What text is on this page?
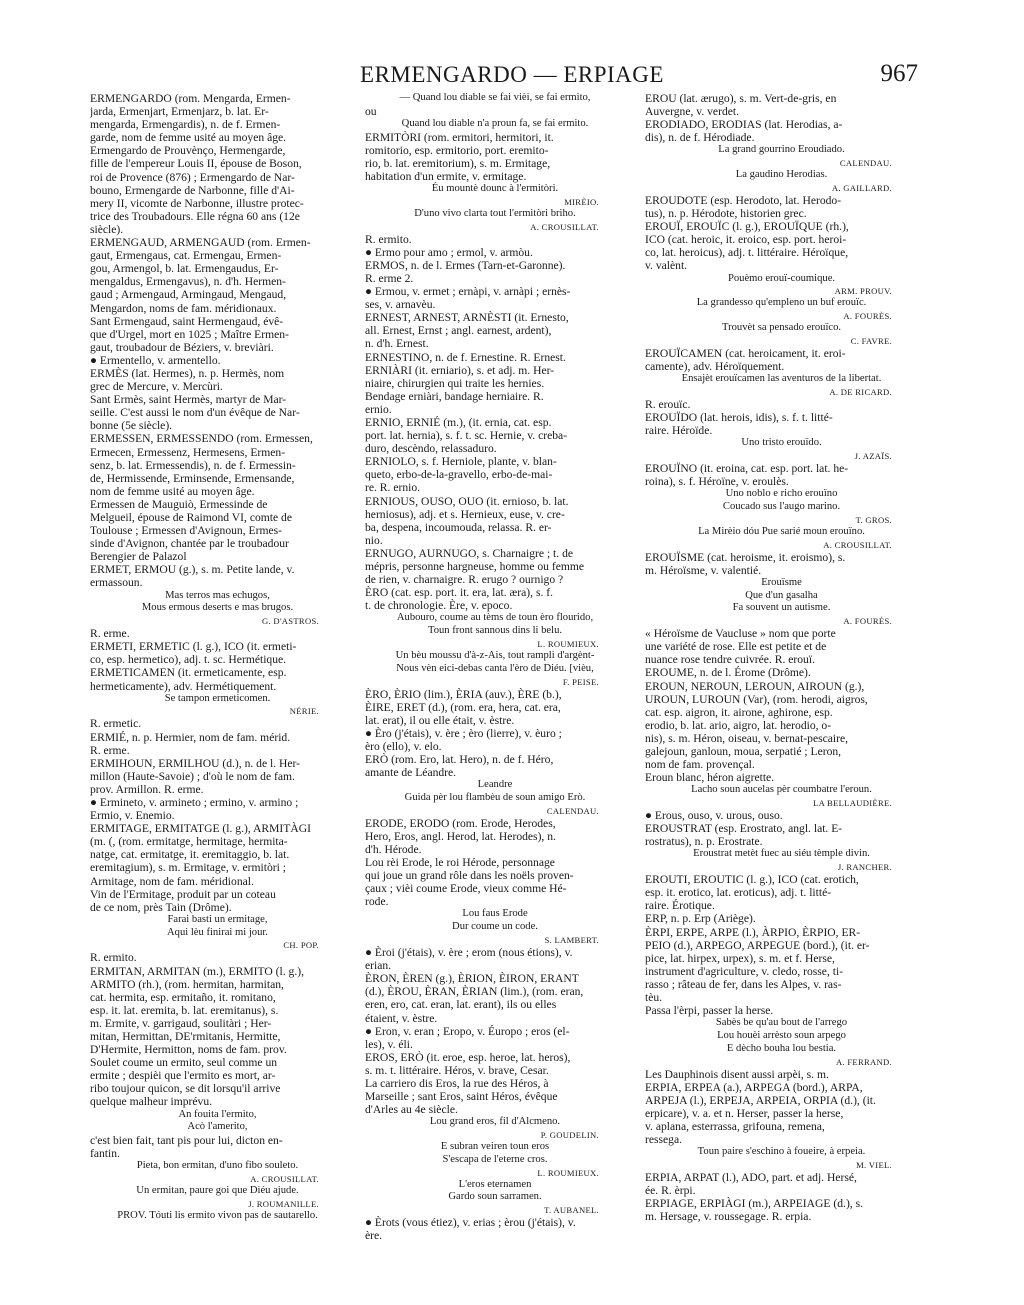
ERMENGARDO — ERPIAGE	967
ERMENGARDO (rom. Mengarda, Ermen-
jarda, Ermenjart, Ermenjarz, b. lat. Er-
mengarda, Ermengardis), n. de f. Ermen-
garde, nom de femme usité au moyen âge.
Ermengardo de Prouvènço, Hermengarde,
fille de l'empereur Louis II, épouse de Boson,
roi de Provence (876) ; Ermengardo de Nar-
bouno, Ermengarde de Narbonne, fille d'Ai-
mery II, vicomte de Narbonne, illustre protec-
trice des Troubadours. Elle régna 60 ans (12e
siècle).
ERMENGAUD, ARMENGAUD (rom. Ermen-
gaut, Ermengaus, cat. Ermengau, Ermen-
gou, Armengol, b. lat. Ermengaudus, Er-
mengaldus, Ermengavus), n. d'h. Hermen-
gaud ; Armengaud, Armingaud, Mengaud,
Mengardon, noms de fam. méridionaux.
Sant Ermengaud, saint Hermengaud, évê-
que d'Urgel, mort en 1025 ; Maître Ermen-
gaut, troubadour de Béziers, v. breviàri.
● Ermentello, v. armentello.
ERMÈS (lat. Hermes), n. p. Hermès, nom
grec de Mercure, v. Mercùri.
Sant Ermès, saint Hermès, martyr de Mar-
seille. C'est aussi le nom d'un évêque de Nar-
bonne (5e siècle).
ERMESSEN, ERMESSENDO (rom. Ermessen,
Ermecen, Ermessenz, Hermesens, Ermen-
senz, b. lat. Ermessendis), n. de f. Ermessin-
de, Hermissende, Erminsende, Ermensande,
nom de femme usité au moyen âge.
Ermessen de Mauguiò, Ermessinde de
Melgueil, épouse de Raimond VI, comte de
Toulouse ; Ermessen d'Avignoun, Ermes-
sinde d'Avignon, chantée par le troubadour
Berengier de Palazol
ERMET, ERMOU (g.), s. m. Petite lande, v.
ermassoun.
Mas terros mas echugos,
Mous ermous deserts e mas brugos.
G. D'ASTROS.
R. erme.
ERMETI, ERMETIC (l. g.), ICO (it. ermeti-
co, esp. hermetico), adj. t. sc. Hermétique.
ERMETICAMEN (it. ermeticamente, esp.
hermeticamente), adv. Hermétiquement.
Se tampon ermeticomen.
NÉRIE.
R. ermetic.
ERMIÉ, n. p. Hermier, nom de fam. mérid.
R. erme.
ERMIHOUN, ERMILHOU (d.), n. de l. Her-
millon (Haute-Savoie) ; d'où le nom de fam.
prov. Armillon. R. erme.
● Ermineto, v. armineto ; ermino, v. armino ;
Ermio, v. Enemio.
ERMITAGE, ERMITATGE (l. g.), ARMITÀGI
(m. (, (rom. ermitatge, hermitage, hermita-
natge, cat. ermitatge, it. eremitaggio, b. lat.
eremitagium), s. m. Ermitage, v. ermitòri ;
Armitage, nom de fam. méridional.
Vin de l'Ermitage, produit par un coteau
de ce nom, près Tain (Drôme).
Farai basti un ermitage,
Aqui lèu finirai mi jour.
CH. POP.
R. ermito.
ERMITAN, ARMITAN (m.), ERMITO (l. g.),
ARMITO (rh.), (rom. hermitan, harmitan,
cat. hermita, esp. ermitaño, it. romitano,
esp. it. lat. eremita, b. lat. eremitanus), s.
m. Ermite, v. garrigaud, soulitàri ; Her-
mitan, Hermittan, DE'rmitanis, Hermitte,
D'Hermite, Hermitton, noms de fam. prov.
Soulet coume un ermito, seul comme un
ermite ; despièi que l'ermito es mort, ar-
ribo toujour quicon, se dit lorsqu'il arrive
quelque malheur imprévu.
An fouita l'ermito,
Acò l'amerito,
c'est bien fait, tant pis pour lui, dicton en-
fantin.
Pieta, bon ermitan, d'uno fibo souleto.
A. CROUSILLAT.
Un ermitan, paure goi que Diéu ajude.
J. ROUMANILLE.
PROV. Tóuti lis ermito vivon pas de sautarello.
— Quand lou diable se fai vièi, se fai ermito,
ou
Quand lou diable n'a proun fa, se fai ermito.
ERMITÒRI (rom. ermitori, hermitori, it.
romitorio, esp. ermitorio, port. eremito-
rio, b. lat. eremitorium), s. m. Ermitage,
habitation d'un ermite, v. ermitage.
Éu mountè dounc à l'ermitòri.
MIRÈIO.
D'uno vivo clarta tout l'ermitòri briho.
A. CROUSILLAT.
R. ermito.
● Ermo pour amo ; ermol, v. armòu.
ERMOS, n. de l. Ermes (Tarn-et-Garonne).
R. erme 2.
● Ermou, v. ermet ; ernàpi, v. arnàpi ; ernès-
ses, v. arnavèu.
ERNEST, ARNEST, ARNÈSTI (it. Ernesto,
all. Ernest, Ernst ; angl. earnest, ardent),
n. d'h. Ernest.
ERNESTINO, n. de f. Ernestine. R. Ernest.
ERNIÀRI (it. erniario), s. et adj. m. Her-
niaire, chirurgien qui traite les hernies.
Bendage erniàri, bandage herniaire. R.
ernio.
ERNIO, ERNIÉ (m.), (it. ernia, cat. esp.
port. lat. hernia), s. f. t. sc. Hernie, v. creba-
duro, descèndo, relassaduro.
ERNIOLO, s. f. Herniole, plante, v. blan-
queto, erbo-de-la-gravello, erbo-de-mai-
re. R. ernio.
ERNIOUS, OUSO, OUO (it. ernioso, b. lat.
herniosus), adj. et s. Hernieux, euse, v. cre-
ba, despena, incoumouda, relassa. R. er-
nio.
ERNUGO, AURNUGO, s. Charnaigre ; t. de
mépris, personne hargneuse, homme ou femme
de rien, v. charnaigre. R. erugo ? ournigo ?
ÈRO (cat. esp. port. it. era, lat. æra), s. f.
t. de chronologie. Ère, v. epoco.
Aubouro, coume au tèms de toun èro flourido,
Toun front sannous dins li belu.
L. ROUMIEUX.
Un bèu moussu d'à-z-Ais, tout rampli d'argènt-
Nous vèn eici-debas canta l'èro de Diéu. [vièu,
F. PEISE.
ÈRO, ÈRIO (lim.), ÈRIA (auv.), ÈRE (b.),
ÈIRE, ERET (d.), (rom. era, hera, cat. era,
lat. erat), il ou elle était, v. èstre.
● Èro (j'étais), v. ère ; èro (lierre), v. èuro ;
èro (ello), v. elo.
ERÒ (rom. Ero, lat. Hero), n. de f. Héro,
amante de Léandre.
Leandre
Guida pèr lou flambèu de soun amigo Erò.
CALENDAU.
ERODE, ERODO (rom. Erode, Herodes,
Hero, Eros, angl. Herod, lat. Herodes), n.
d'h. Hérode.
Lou rèi Erode, le roi Hérode, personnage
qui joue un grand rôle dans les noëls proven-
çaux ; vièi coume Erode, vieux comme Hé-
rode.
Lou faus Erode
Dur coume un code.
S. LAMBERT.
● Èroi (j'étais), v. ère ; erom (nous étions), v.
erian.
ÈRON, ÈREN (g.), ÈRION, ÈIRON, ERANT
(d.), ÈROU, ÈRAN, ÈRIAN (lim.), (rom. eran,
eren, ero, cat. eran, lat. erant), ils ou elles
étaient, v. èstre.
● Eron, v. eran ; Eropo, v. Éuropo ; eros (el-
les), v. éli.
EROS, ERÒ (it. eroe, esp. heroe, lat. heros),
s. m. t. littéraire. Héros, v. brave, Cesar.
La carriero dis Eros, la rue des Héros, à
Marseille ; sant Eros, saint Héros, évêque
d'Arles au 4e siècle.
Lou grand eros, fil d'Alcmeno.
P. GOUDELIN.
E subran veiren toun eros
S'escapa de l'eterne cros.
L. ROUMIEUX.
L'eros eternamen
Gardo soun sarramen.
T. AUBANEL.
● Èrots (vous étiez), v. erias ; èrou (j'étais), v.
ère.
EROU (lat. ærugo), s. m. Vert-de-gris, en
Auvergne, v. verdet.
ERODIADO, ERODIAS (lat. Herodias, a-
dis), n. de f. Hérodiade.
La grand gourrino Eroudiado.
CALENDAU.
La gaudino Herodias.
A. GAILLARD.
EROUDOTE (esp. Herodoto, lat. Herodo-
tus), n. p. Hérodote, historien grec.
EROUÏ, EROUÏC (l. g.), EROUÏQUE (rh.),
ICO (cat. heroic, it. eroico, esp. port. heroi-
co, lat. heroicus), adj. t. littéraire. Héroïque,
v. valènt.
Pouèmo erouï-coumique.
ARM. PROUV.
La grandesso qu'empleno un buf erouïc.
A. FOURÈS.
Trouvèt sa pensado erouïco.
C. FAVRE.
EROUÏCAMEN (cat. heroicament, it. eroi-
camente), adv. Héroïquement.
Ensajèt erouïcamen las aventuros de la libertat.
A. DE RICARD.
R. erouïc.
EROUÏDO (lat. herois, idis), s. f. t. litté-
raire. Héroïde.
Uno tristo erouïdo.
J. AZAÏS.
EROUÏNO (it. eroina, cat. esp. port. lat. he-
roina), s. f. Héroïne, v. eroulès.
Uno noblo e richo erouïno
Coucado sus l'augo marino.
T. GROS.
La Mirèio dóu Pue sarié moun erouïno.
A. CROUSILLAT.
EROUÏSME (cat. heroisme, it. eroismo), s.
m. Héroïsme, v. valentié.
Erouïsme
Que d'un gasalha
Fa souvent un autisme.
A. FOURÈS.
« Héroïsme de Vaucluse » nom que porte
une variété de rose. Elle est petite et de
nuance rose tendre cuivrée. R. erouï.
EROUME, n. de l. Érome (Drôme).
EROUN, NEROUN, LEROUN, AIROUN (g.),
UROUN, LUROUN (Var), (rom. herodi, aigros,
cat. esp. aigron, it. airone, aghirone, esp.
erodio, b. lat. ario, aigro, lat. herodio, o-
nis), s. m. Héron, oiseau, v. bernat-pescaire,
galejoun, ganloun, moua, serpatié ; Leron,
nom de fam. provençal.
Eroun blanc, héron aigrette.
Lacho soun aucelas pèr coumbatre l'eroun.
LA BELLAUDIÈRE.
● Erous, ouso, v. urous, ouso.
EROUSTRAT (esp. Erostrato, angl. lat. E-
rostratus), n. p. Erostrate.
Eroustrat metèt fuec au siéu tèmple divin.
J. RANCHER.
EROUTI, EROUTIC (l. g.), ICO (cat. erotich,
esp. it. erotico, lat. eroticus), adj. t. litté-
raire. Érotique.
ERP, n. p. Erp (Ariège).
ÈRPI, ERPE, ARPE (l.), ÀRPIO, ÈRPIO, ER-
PEIO (d.), ARPEGO, ARPEGUE (bord.), (it. er-
pice, lat. hirpex, urpex), s. m. et f. Herse,
instrument d'agriculture, v. cledo, rosse, ti-
rasso ; râteau de fer, dans les Alpes, v. ras-
tèu.
Passa l'èrpi, passer la herse.
Sabès be qu'au bout de l'arrego
Lou houèi arrèsto soun arpego
E dècho bouha lou bestia.
A. FERRAND.
Les Dauphinois disent aussi arpèi, s. m.
ERPIA, ERPEA (a.), ARPEGA (bord.), ARPA,
ARPEJA (l.), ERPEJA, ARPEIA, ORPIA (d.), (it.
erpicare), v. a. et n. Herser, passer la herse,
v. aplana, esterrassa, grifouna, remena,
ressega.
Toun paire s'eschino à foueire, à erpeia.
M. VIEL.
ERPIA, ARPAT (l.), ADO, part. et adj. Hersé,
ée. R. èrpi.
ERPIAGE, ERPIÀGI (m.), ARPEIAGE (d.), s.
m. Hersage, v. roussegage. R. erpia.
